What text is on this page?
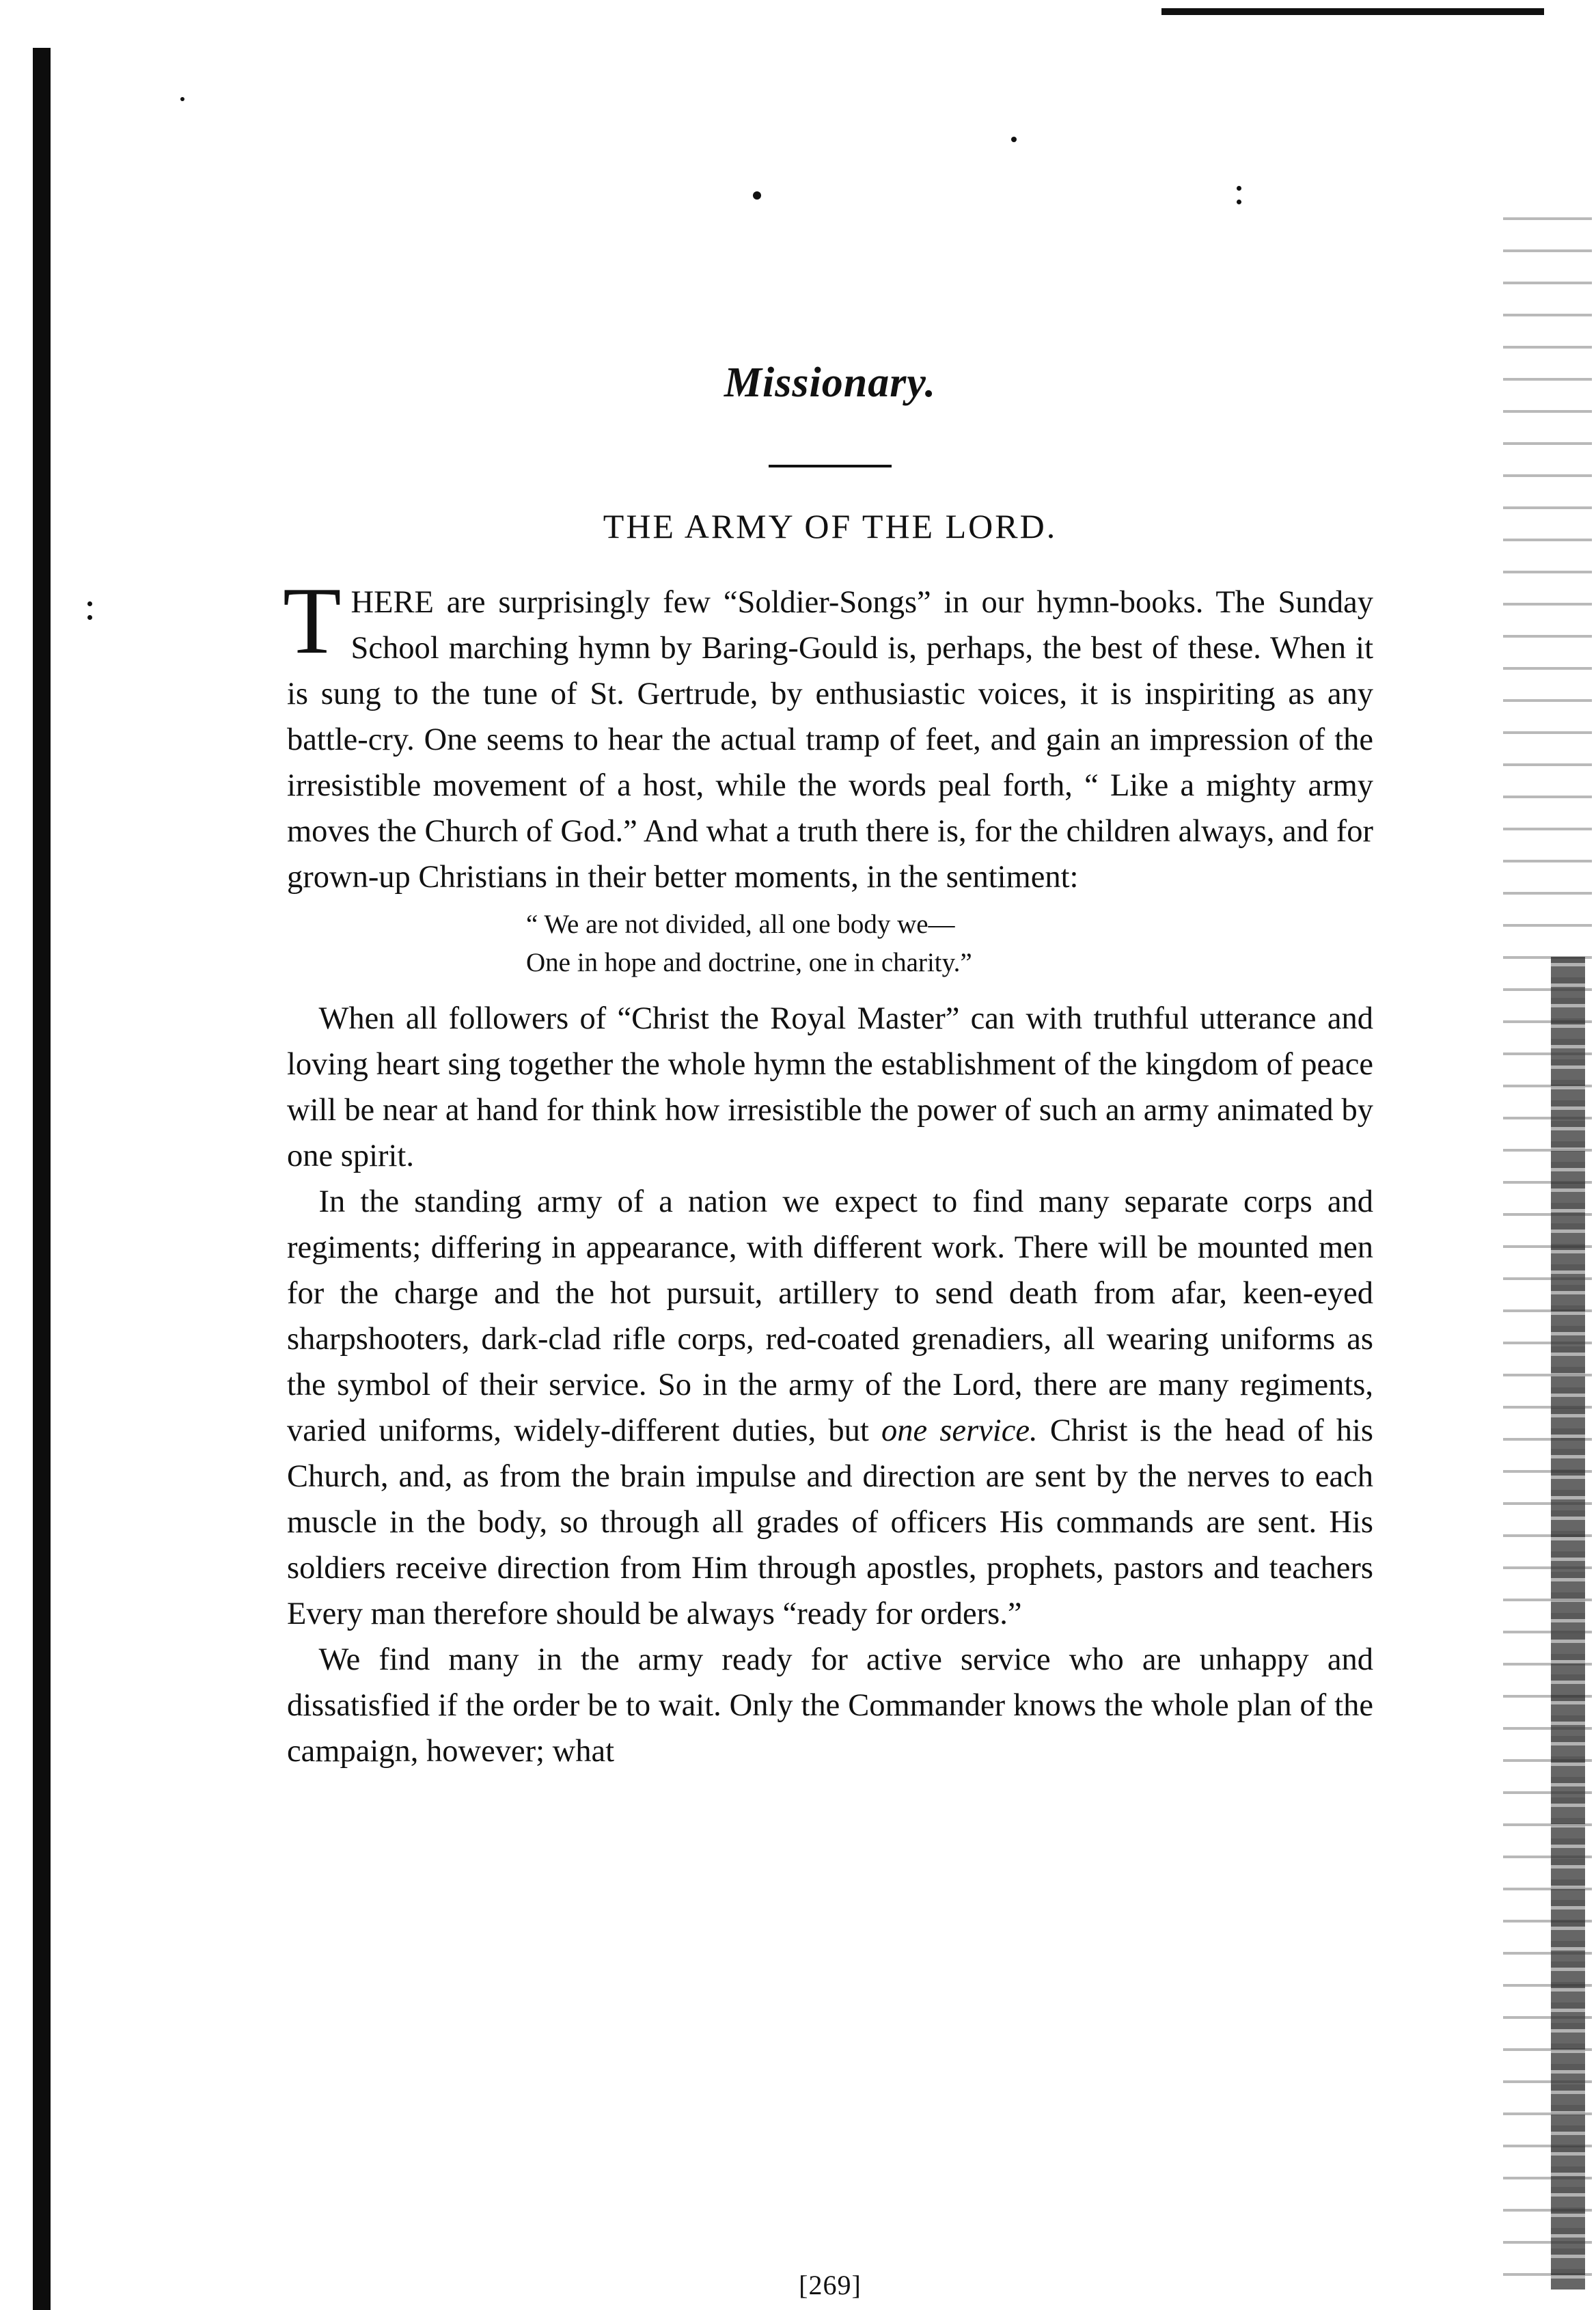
Missionary.
THE ARMY OF THE LORD.

T HERE are surprisingly few “Soldier-Songs” in our hymn-books. The Sunday School marching hymn by Baring-Gould is, perhaps, the best of these. When it is sung to the tune of St. Gertrude, by enthusiastic voices, it is inspiriting as any battle-cry. One seems to hear the actual tramp of feet, and gain an impression of the irresistible movement of a host, while the words peal forth, “ Like a mighty army moves the Church of God.” And what a truth there is, for the children always, and for grown-up Christians in their better moments, in the sentiment:

“ We are not divided, all one body we—
One in hope and doctrine, one in charity.”

When all followers of “Christ the Royal Master” can with truthful utterance and loving heart sing together the whole hymn the establishment of the kingdom of peace will be near at hand for think how irresistible the power of such an army animated by one spirit.

In the standing army of a nation we expect to find many separate corps and regiments; differing in appearance, with different work. There will be mounted men for the charge and the hot pursuit, artillery to send death from afar, keen-eyed sharpshooters, dark-clad rifle corps, red-coated grenadiers, all wearing uniforms as the symbol of their service. So in the army of the Lord, there are many regiments, varied uniforms, widely-different duties, but one service. Christ is the head of his Church, and, as from the brain impulse and direction are sent by the nerves to each muscle in the body, so through all grades of officers His commands are sent. His soldiers receive direction from Him through apostles, prophets, pastors and teachers Every man therefore should be always “ready for orders.”

We find many in the army ready for active service who are unhappy and dissatisfied if the order be to wait. Only the Commander knows the whole plan of the campaign, however; what

[269]
